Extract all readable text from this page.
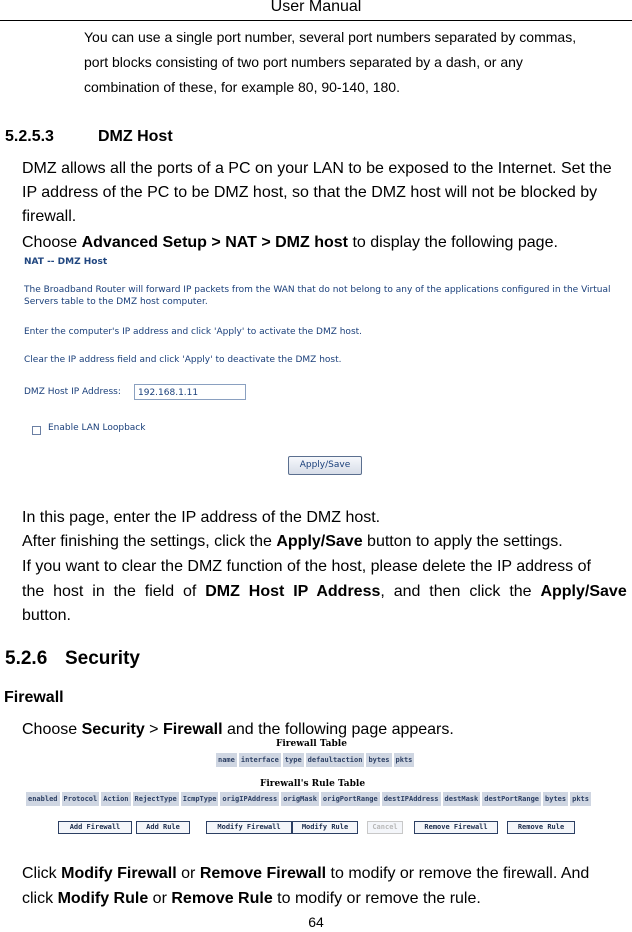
User Manual
You can use a single port number, several port numbers separated by commas,
port blocks consisting of two port numbers separated by a dash, or any
combination of these, for example 80, 90-140, 180.
5.2.5.3	DMZ Host
DMZ allows all the ports of a PC on your LAN to be exposed to the Internet. Set the
IP address of the PC to be DMZ host, so that the DMZ host will not be blocked by
firewall.
Choose Advanced Setup > NAT > DMZ host to display the following page.
NAT -- DMZ Host
The Broadband Router will forward IP packets from the WAN that do not belong to any of the applications configured in the Virtual
Servers table to the DMZ host computer.
Enter the computer's IP address and click 'Apply' to activate the DMZ host.
Clear the IP address field and click 'Apply' to deactivate the DMZ host.
DMZ Host IP Address:	192.168.1.11
Enable LAN Loopback
Apply/Save
In this page, enter the IP address of the DMZ host.
After finishing the settings, click the Apply/Save button to apply the settings.
If you want to clear the DMZ function of the host, please delete the IP address of
the  host  in  the  field  of  DMZ  Host  IP  Address,  and  then  click  the  Apply/Save
button.
5.2.6 Security
Firewall
Choose Security > Firewall and the following page appears.
Firewall Table
name	interface	type	defaultaction	bytes	pkts
Firewall's Rule Table
enabled	Protocol	Action	RejectType	IcmpType	origIPAddress	origMask	origPortRange	destIPAddress	destMask	destPortRange	bytes	pkts
Add Firewall	Add Rule	Modify Firewall	Modify Rule	Cancel	Remove Firewall	Remove Rule
Click Modify Firewall or Remove Firewall to modify or remove the firewall. And
click Modify Rule or Remove Rule to modify or remove the rule.
64
